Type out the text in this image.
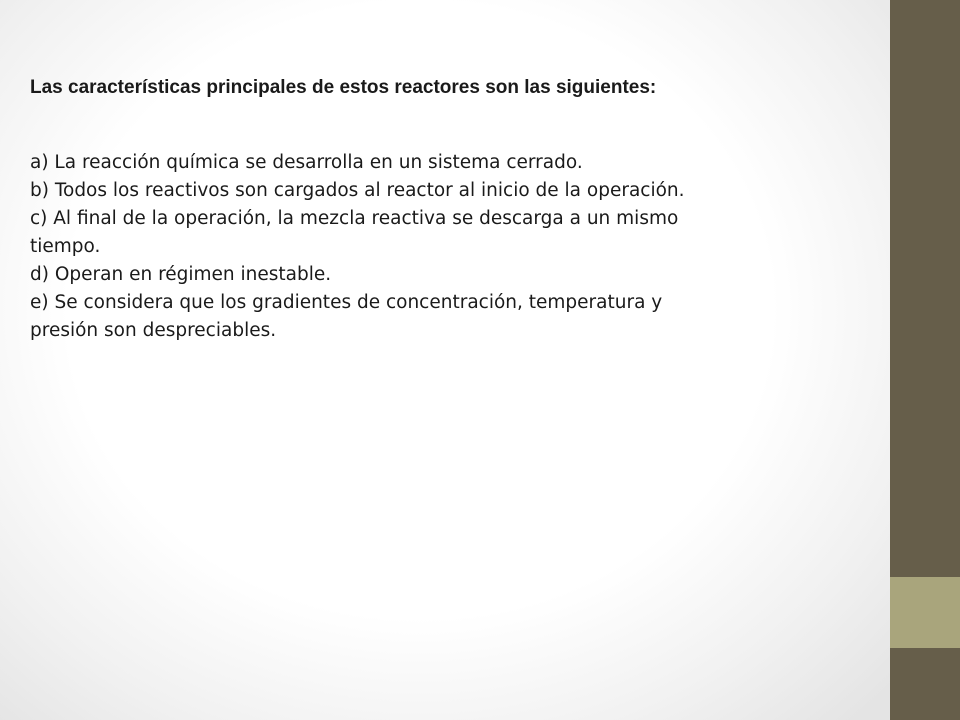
Las características principales de estos reactores son las siguientes:
a) La reacción química se desarrolla en un sistema cerrado.
b) Todos los reactivos son cargados al reactor al inicio de la operación.
c) Al final de la operación, la mezcla reactiva se descarga a un mismo
tiempo.
d) Operan en régimen inestable.
e) Se considera que los gradientes de concentración, temperatura y
presión son despreciables.
